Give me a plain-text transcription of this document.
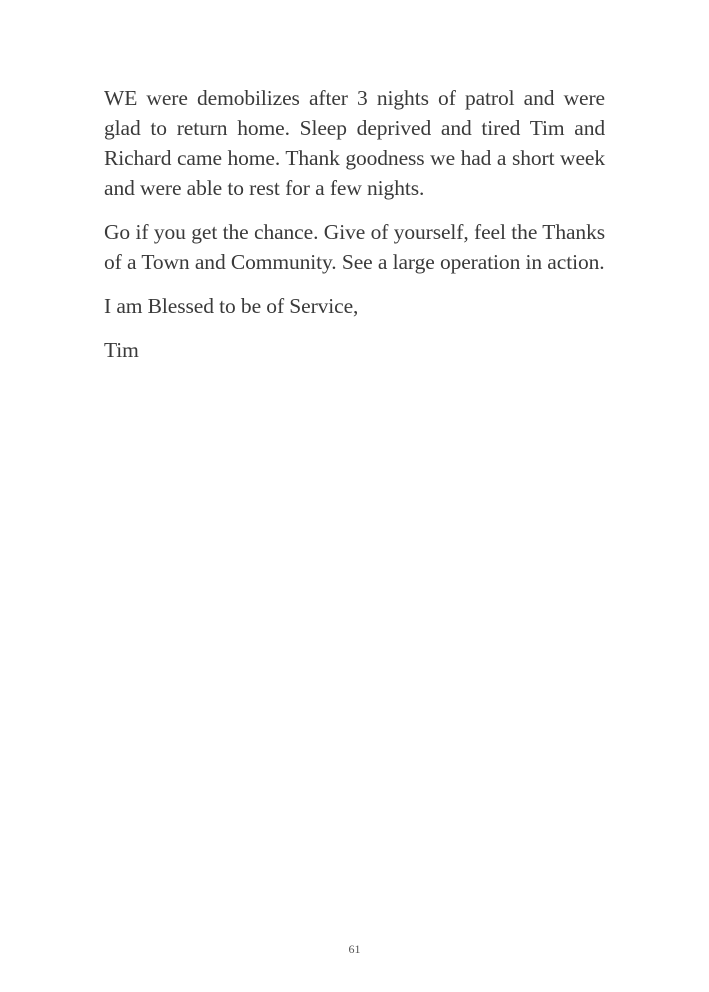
WE were demobilizes after 3 nights of patrol and were glad to return home. Sleep deprived and tired Tim and Richard came home. Thank goodness we had a short week and were able to rest for a few nights.

Go if you get the chance. Give of yourself, feel the Thanks of a Town and Community. See a large operation in action.

I am Blessed to be of Service,

Tim

61
